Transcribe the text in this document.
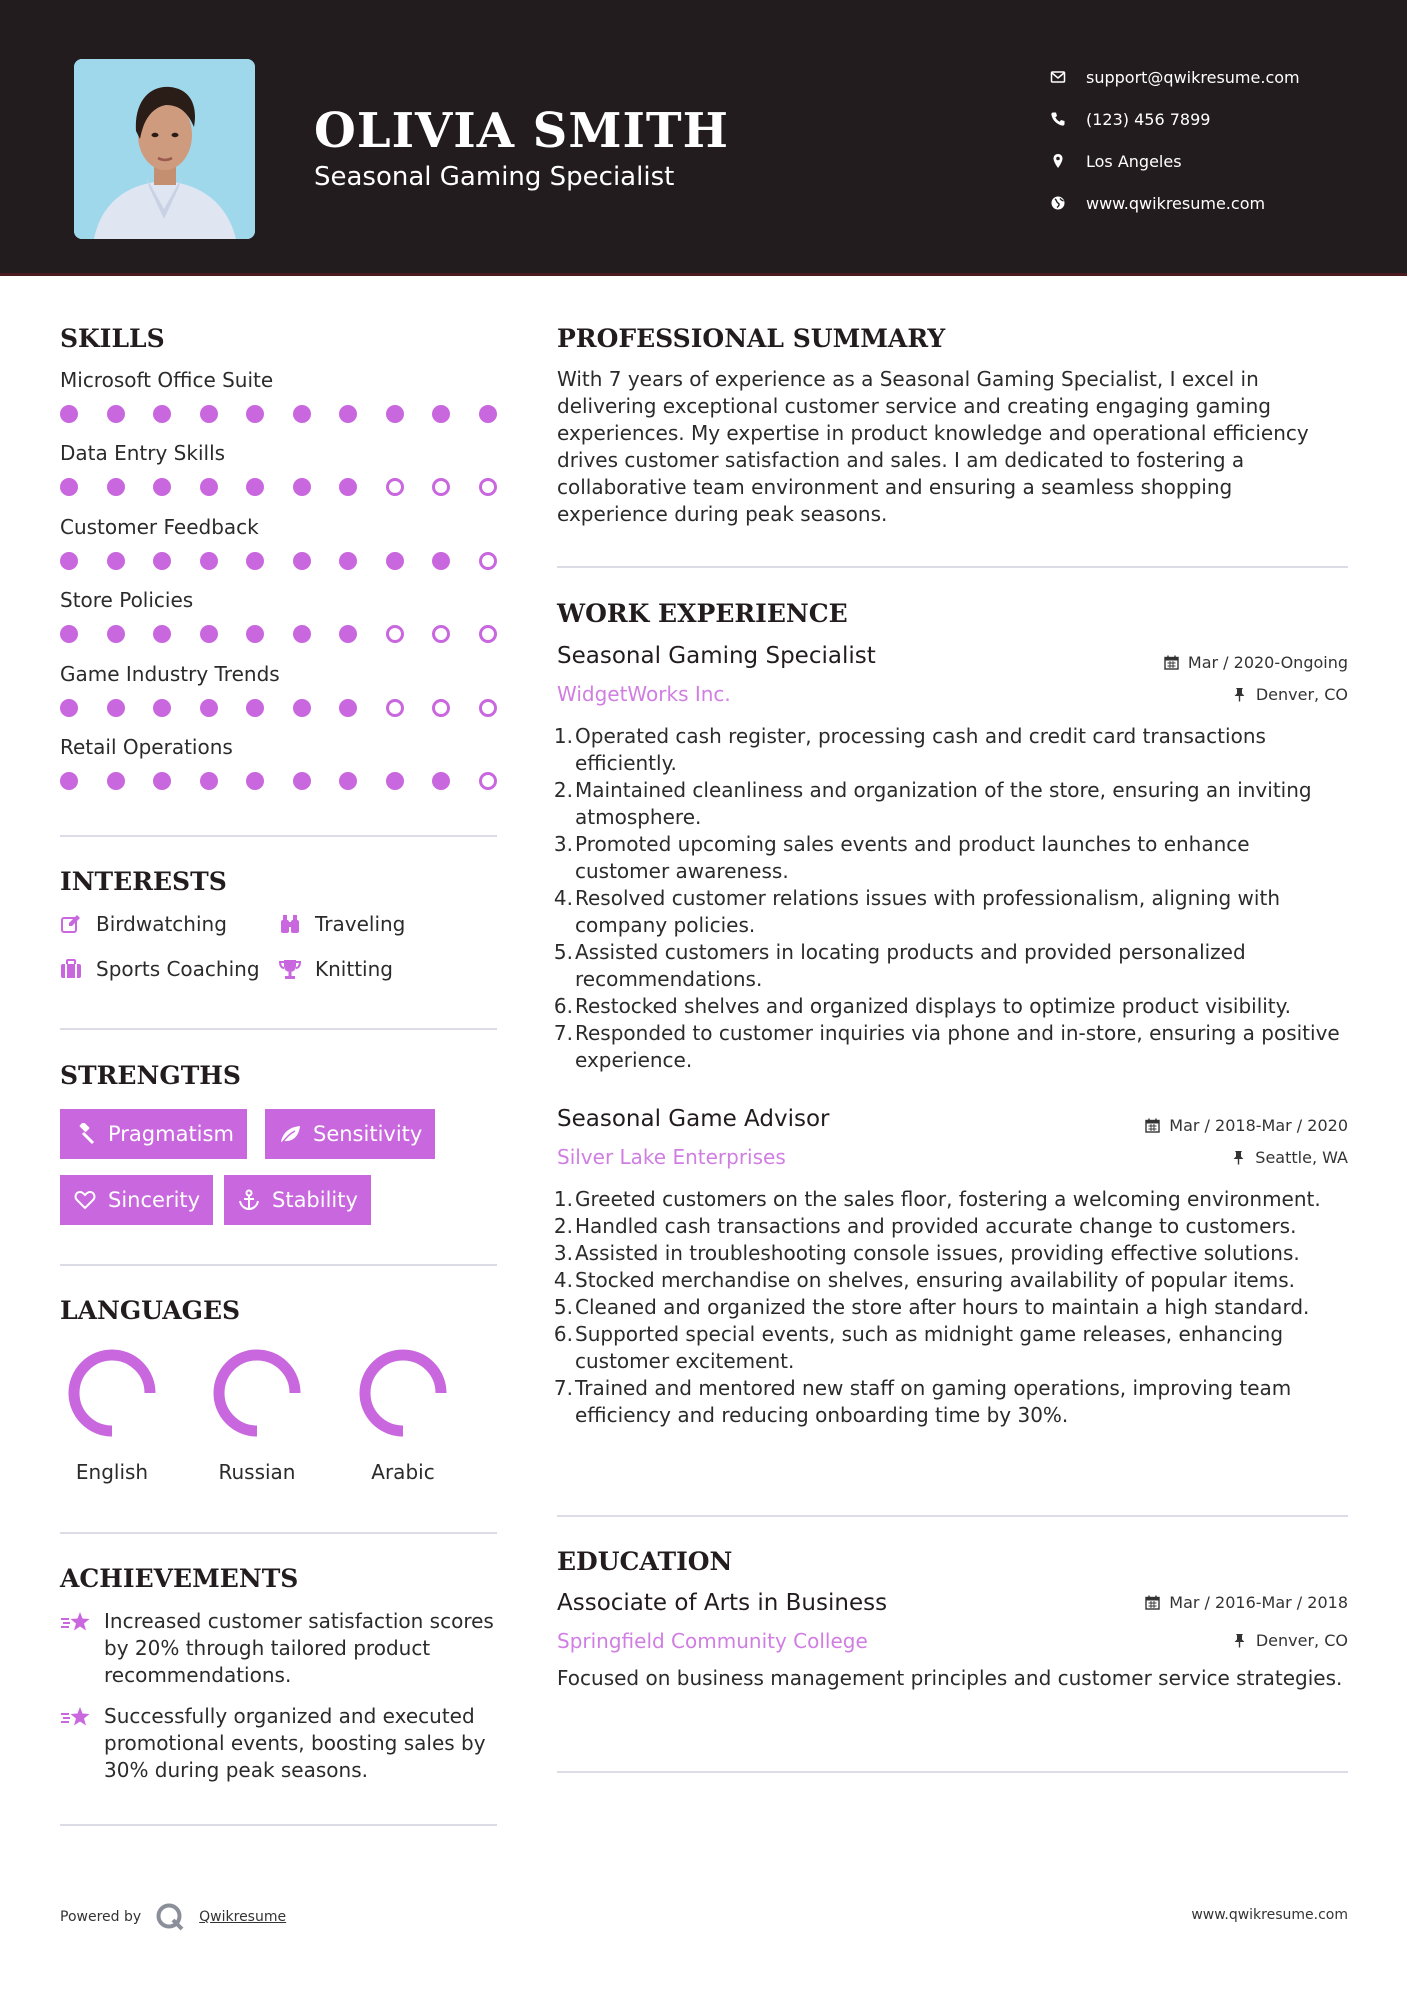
OLIVIA SMITH
Seasonal Gaming Specialist
support@qwikresume.com
(123) 456 7899
Los Angeles
www.qwikresume.com
SKILLS
Microsoft Office Suite
Data Entry Skills
Customer Feedback
Store Policies
Game Industry Trends
Retail Operations
INTERESTS
Birdwatching	Traveling
Sports Coaching	Knitting
STRENGTHS
Pragmatism	Sensitivity
Sincerity	Stability
LANGUAGES
English	Russian	Arabic
ACHIEVEMENTS

Increased customer satisfaction scores by 20% through tailored product recommendations.

Successfully organized and executed promotional events, boosting sales by 30% during peak seasons.

PROFESSIONAL SUMMARY
With 7 years of experience as a Seasonal Gaming Specialist, I excel in delivering exceptional customer service and creating engaging gaming experiences. My expertise in product knowledge and operational efficiency drives customer satisfaction and sales. I am dedicated to fostering a collaborative team environment and ensuring a seamless shopping experience during peak seasons.
WORK EXPERIENCE
Seasonal Gaming Specialist	Mar / 2020-Ongoing
WidgetWorks Inc.	Denver, CO
1. Operated cash register, processing cash and credit card transactions efficiently.
2. Maintained cleanliness and organization of the store, ensuring an inviting atmosphere.
3. Promoted upcoming sales events and product launches to enhance customer awareness.
4. Resolved customer relations issues with professionalism, aligning with company policies.
5. Assisted customers in locating products and provided personalized recommendations.
6. Restocked shelves and organized displays to optimize product visibility.
7. Responded to customer inquiries via phone and in-store, ensuring a positive experience.
Seasonal Game Advisor	Mar / 2018-Mar / 2020
Silver Lake Enterprises	Seattle, WA
1. Greeted customers on the sales floor, fostering a welcoming environment.
2. Handled cash transactions and provided accurate change to customers.
3. Assisted in troubleshooting console issues, providing effective solutions.
4. Stocked merchandise on shelves, ensuring availability of popular items.
5. Cleaned and organized the store after hours to maintain a high standard.
6. Supported special events, such as midnight game releases, enhancing customer excitement.
7. Trained and mentored new staff on gaming operations, improving team efficiency and reducing onboarding time by 30%.
EDUCATION
Associate of Arts in Business	Mar / 2016-Mar / 2018
Springfield Community College	Denver, CO
Focused on business management principles and customer service strategies.
Powered by	Qwikresume	www.qwikresume.com
